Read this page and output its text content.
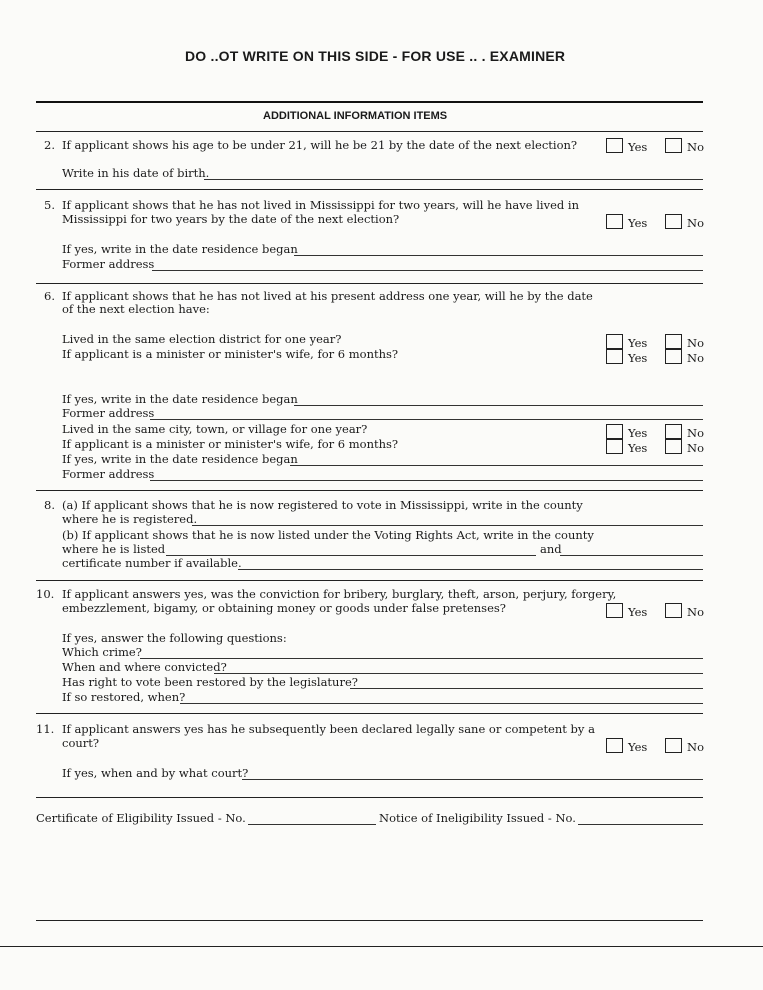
DO ..OT WRITE ON THIS SIDE - FOR USE .. . EXAMINER
ADDITIONAL INFORMATION ITEMS
2. If applicant shows his age to be under 21, will he be 21 by the date of the next election?	Yes	No
Write in his date of birth.
5. If applicant shows that he has not lived in Mississippi for two years, will he have lived in
Mississippi for two years by the date of the next election?	Yes	No
If yes, write in the date residence began
Former address
6. If applicant shows that he has not lived at his present address one year, will he by the date
of the next election have:
Lived in the same election district for one year?	Yes	No
If applicant is a minister or minister's wife, for 6 months?	Yes	No
If yes, write in the date residence began
Former address
Lived in the same city, town, or village for one year?	Yes	No
If applicant is a minister or minister's wife, for 6 months?	Yes	No
If yes, write in the date residence began
Former address
8. (a) If applicant shows that he is now registered to vote in Mississippi, write in the county
where he is registered.
(b) If applicant shows that he is now listed under the Voting Rights Act, write in the county
where he is listed	and
certificate number if available.
10. If applicant answers yes, was the conviction for bribery, burglary, theft, arson, perjury, forgery,
embezzlement, bigamy, or obtaining money or goods under false pretenses?	Yes	No
If yes, answer the following questions:
Which crime?
When and where convicted?
Has right to vote been restored by the legislature?
If so restored, when?
11. If applicant answers yes has he subsequently been declared legally sane or competent by a
court?	Yes	No
If yes, when and by what court?
Certificate of Eligibility Issued - No.	Notice of Ineligibility Issued - No.
